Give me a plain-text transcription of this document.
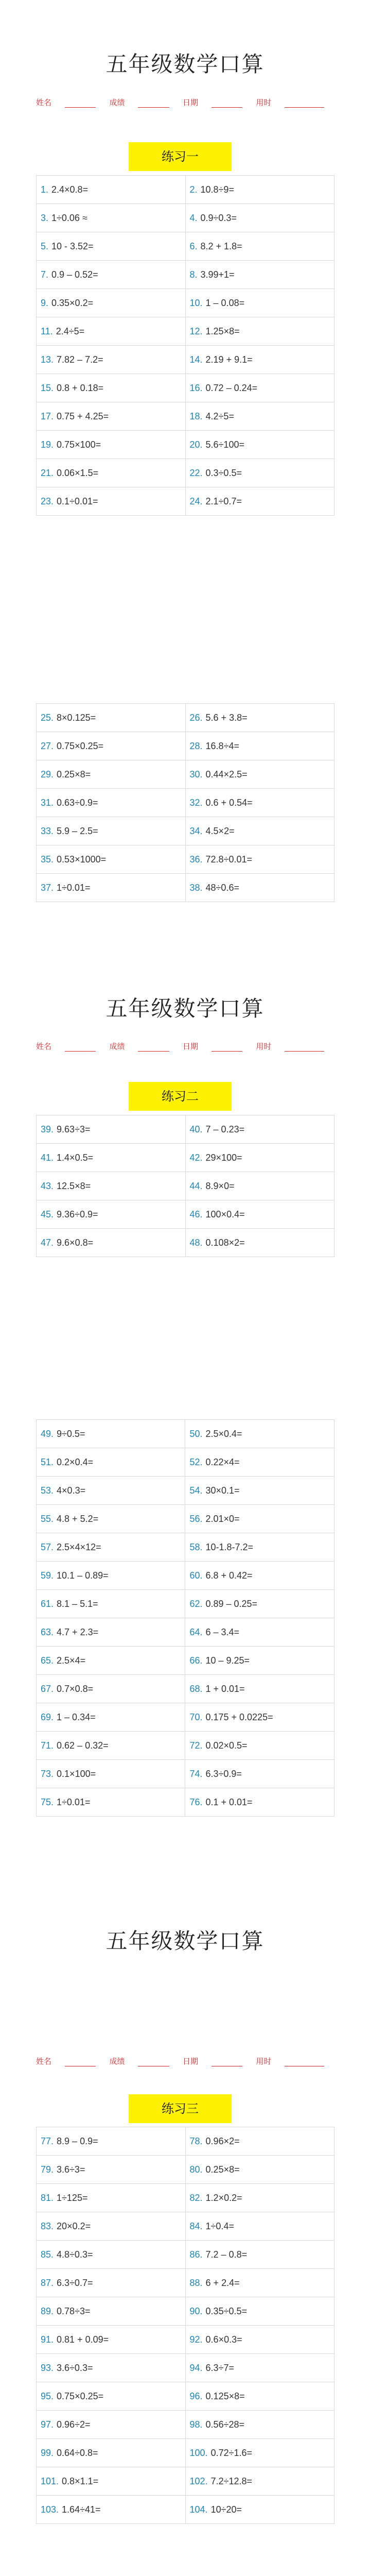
五年级数学口算
姓名	成绩	日期	用时
练习一
1. 2.4×0.8=	2. 10.8÷9=
3. 1÷0.06 ≈	4. 0.9÷0.3=
5. 10 - 3.52=	6. 8.2 + 1.8=
7. 0.9 – 0.52=	8. 3.99+1=
9. 0.35×0.2=	10. 1 – 0.08=
11. 2.4÷5=	12. 1.25×8=
13. 7.82 – 7.2=	14. 2.19 + 9.1=
15. 0.8 + 0.18=	16. 0.72 – 0.24=
17. 0.75 + 4.25=	18. 4.2÷5=
19. 0.75×100=	20. 5.6÷100=
21. 0.06×1.5=	22. 0.3÷0.5=
23. 0.1÷0.01=	24. 2.1÷0.7=
25. 8×0.125=	26. 5.6 + 3.8=
27. 0.75×0.25=	28. 16.8÷4=
29. 0.25×8=	30. 0.44×2.5=
31. 0.63÷0.9=	32. 0.6 + 0.54=
33. 5.9 – 2.5=	34. 4.5×2=
35. 0.53×1000=	36. 72.8÷0.01=
37. 1÷0.01=	38. 48÷0.6=
五年级数学口算
姓名	成绩	日期	用时
练习二
39. 9.63÷3=	40. 7 – 0.23=
41. 1.4×0.5=	42. 29×100=
43. 12.5×8=	44. 8.9×0=
45. 9.36÷0.9=	46. 100×0.4=
47. 9.6×0.8=	48. 0.108×2=
49. 9÷0.5=	50. 2.5×0.4=
51. 0.2×0.4=	52. 0.22×4=
53. 4×0.3=	54. 30×0.1=
55. 4.8 + 5.2=	56. 2.01×0=
57. 2.5×4×12=	58. 10-1.8-7.2=
59. 10.1 – 0.89=	60. 6.8 + 0.42=
61. 8.1 – 5.1=	62. 0.89 – 0.25=
63. 4.7 + 2.3=	64. 6 – 3.4=
65. 2.5×4=	66. 10 – 9.25=
67. 0.7×0.8=	68. 1 + 0.01=
69. 1 – 0.34=	70. 0.175 + 0.0225=
71. 0.62 – 0.32=	72. 0.02×0.5=
73. 0.1×100=	74. 6.3÷0.9=
75. 1÷0.01=	76. 0.1 + 0.01=
五年级数学口算
姓名	成绩	日期	用时
练习三
77. 8.9 – 0.9=	78. 0.96×2=
79. 3.6÷3=	80. 0.25×8=
81. 1÷125=	82. 1.2×0.2=
83. 20×0.2=	84. 1÷0.4=
85. 4.8÷0.3=	86. 7.2 – 0.8=
87. 6.3÷0.7=	88. 6 + 2.4=
89. 0.78÷3=	90. 0.35÷0.5=
91. 0.81 + 0.09=	92. 0.6×0.3=
93. 3.6÷0.3=	94. 6.3÷7=
95. 0.75×0.25=	96. 0.125×8=
97. 0.96÷2=	98. 0.56÷28=
99. 0.64÷0.8=	100. 0.72÷1.6=
101. 0.8×1.1=	102. 7.2÷12.8=
103. 1.64÷41=	104. 10÷20=
